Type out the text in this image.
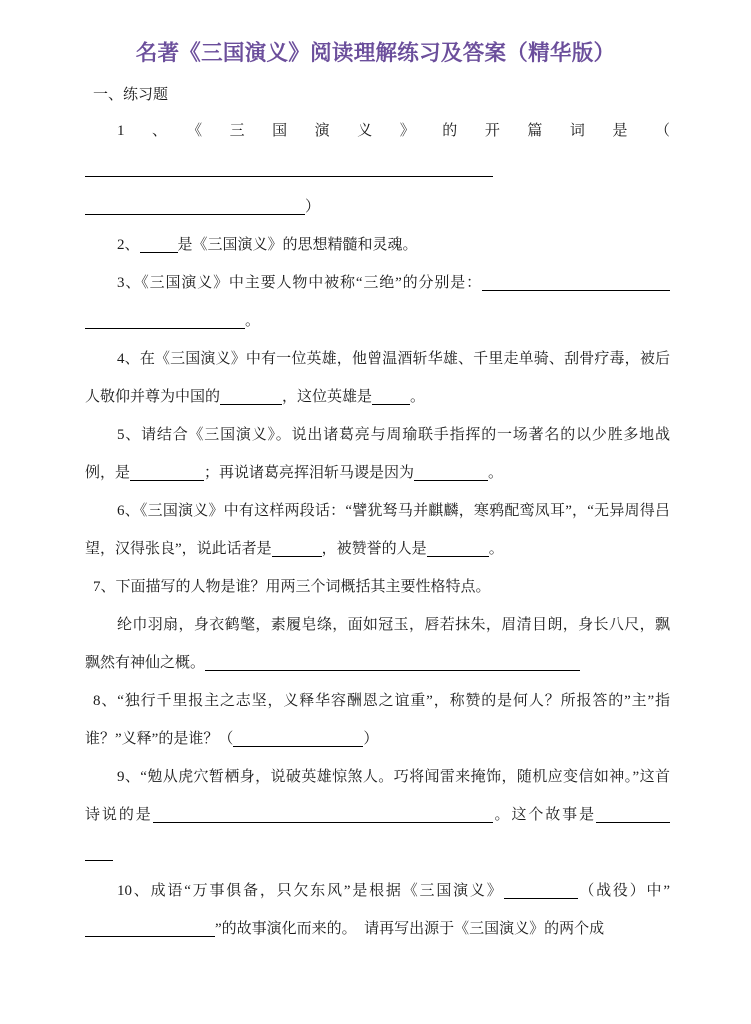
名著《三国演义》阅读理解练习及答案（精华版）

一、练习题

1、《三国演义》的开篇词是（）

2、	是《三国演义》的思想精髓和灵魂。

3、《三国演义》中主要人物中被称“三绝”的分别是：。

4、在《三国演义》中有一位英雄，他曾温酒斩华雄、千里走单骑、刮骨疗毒，被后人敬仰并尊为中国的	，这位英雄是	。

5、请结合《三国演义》。说出诸葛亮与周瑜联手指挥的一场著名的以少胜多地战例，是	；再说诸葛亮挥泪斩马谡是因为	。

6、《三国演义》中有这样两段话：“譬犹驽马并麒麟，寒鸦配鸾凤耳”，“无异周得吕望，汉得张良”，说此话者是	，被赞誉的人是	。

7、下面描写的人物是谁？用两三个词概括其主要性格特点。

纶巾羽扇，身衣鹤氅，素履皂绦，面如冠玉，唇若抹朱，眉清目朗，身长八尺，飘飘然有神仙之概。

8、“独行千里报主之志坚，义释华容酬恩之谊重”，称赞的是何人？所报答的”主”指谁？”义释”的是谁？（	）

9、“勉从虎穴暂栖身，说破英雄惊煞人。巧将闻雷来掩饰，随机应变信如神。”这首诗说的是	。这个故事是

10、成语“万事俱备，只欠东风”是根据《三国演义》	（战役）中””的故事演化而来的。　请再写出源于《三国演义》的两个成
